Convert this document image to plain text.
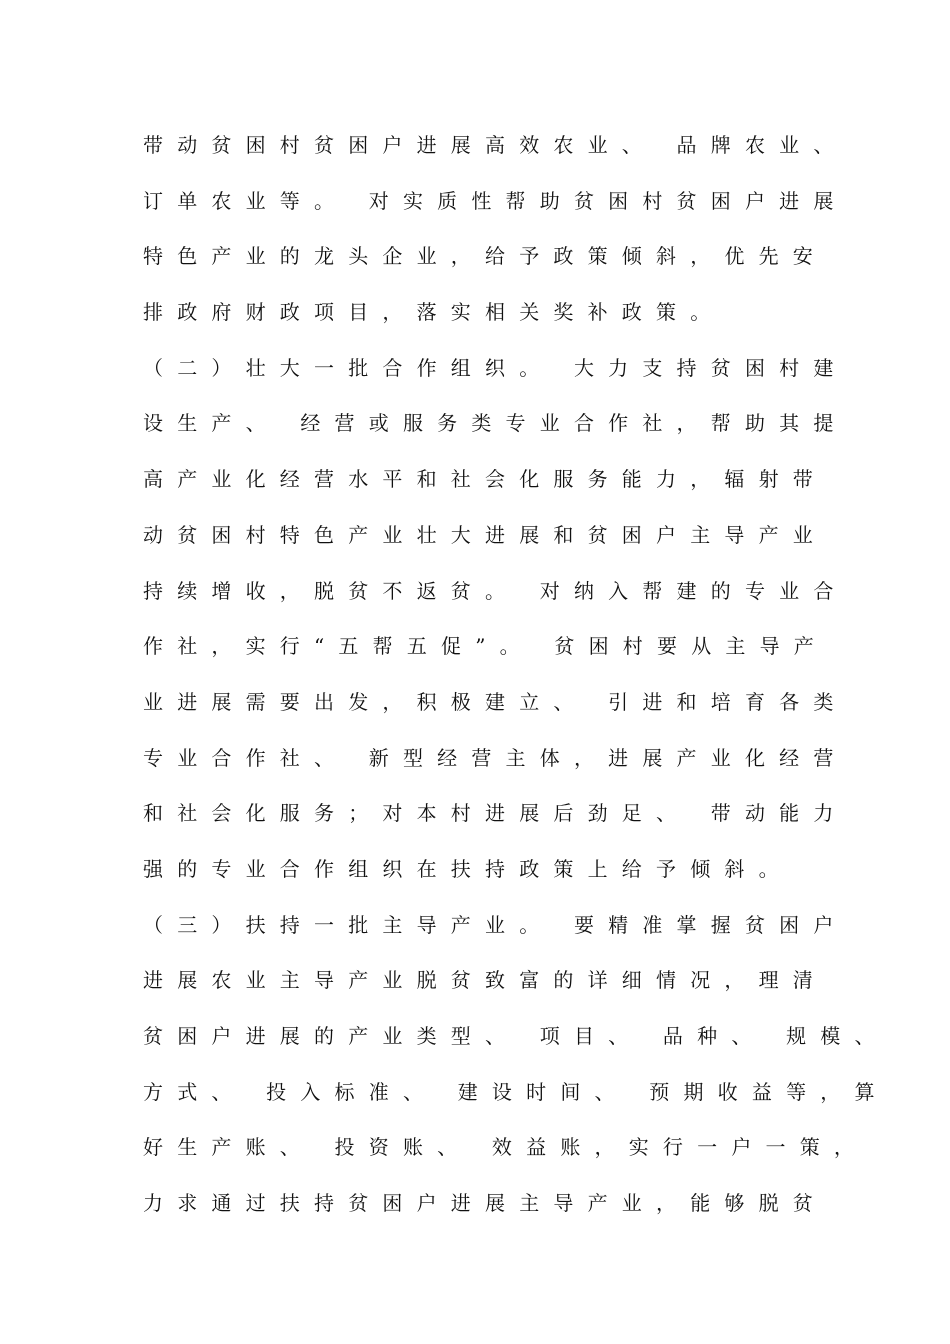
带动贫困村贫困户进展高效农业、 品牌农业、
订单农业等。 对实质性帮助贫困村贫困户进展
特色产业的龙头企业，给予政策倾斜，优先安
排政府财政项目，落实相关奖补政策。
（二）壮大一批合作组织。 大力支持贫困村建
设生产、 经营或服务类专业合作社，帮助其提
高产业化经营水平和社会化服务能力，辐射带
动贫困村特色产业壮大进展和贫困户主导产业
持续增收，脱贫不返贫。 对纳入帮建的专业合
作社，实行“五帮五促”。 贫困村要从主导产
业进展需要出发，积极建立、 引进和培育各类
专业合作社、 新型经营主体，进展产业化经营
和社会化服务；对本村进展后劲足、 带动能力
强的专业合作组织在扶持政策上给予倾斜。
（三）扶持一批主导产业。 要精准掌握贫困户
进展农业主导产业脱贫致富的详细情况，理清
贫困户进展的产业类型、 项目、 品种、 规模、
方式、 投入标准、 建设时间、 预期收益等，算
好生产账、 投资账、 效益账，实行一户一策，
力求通过扶持贫困户进展主导产业，能够脱贫
